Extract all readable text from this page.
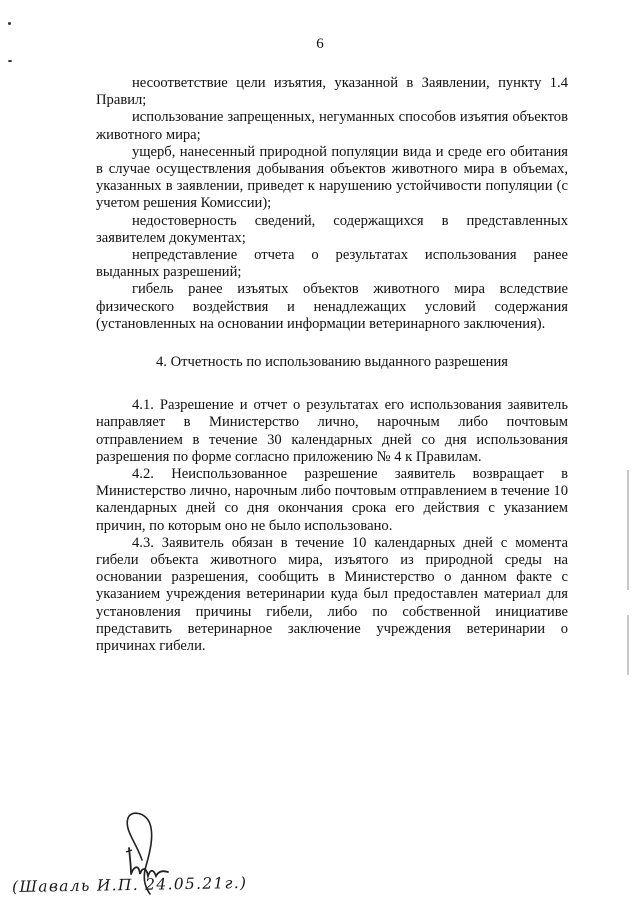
6

несоответствие цели изъятия, указанной в Заявлении, пункту 1.4 Правил;

использование запрещенных, негуманных способов изъятия объектов животного мира;

ущерб, нанесенный природной популяции вида и среде его обитания в случае осуществления добывания объектов животного мира в объемах, указанных в заявлении, приведет к нарушению устойчивости популяции (с учетом решения Комиссии);

недостоверность сведений, содержащихся в представленных заявителем документах;

непредставление отчета о результатах использования ранее выданных разрешений;

гибель ранее изъятых объектов животного мира вследствие физического воздействия и ненадлежащих условий содержания (установленных на основании информации ветеринарного заключения).

4. Отчетность по использованию выданного разрешения

4.1. Разрешение и отчет о результатах его использования заявитель направляет в Министерство лично, нарочным либо почтовым отправлением в течение 30 календарных дней со дня использования разрешения по форме согласно приложению № 4 к Правилам.

4.2. Неиспользованное разрешение заявитель возвращает в Министерство лично, нарочным либо почтовым отправлением в течение 10 календарных дней со дня окончания срока его действия с указанием причин, по которым оно не было использовано.

4.3. Заявитель обязан в течение 10 календарных дней с момента гибели объекта животного мира, изъятого из природной среды на основании разрешения, сообщить в Министерство о данном факте с указанием учреждения ветеринарии куда был предоставлен материал для установления причины гибели, либо по собственной инициативе представить ветеринарное заключение учреждения ветеринарии о причинах гибели.

(Шаваль И.П. 24.05.21г.)
